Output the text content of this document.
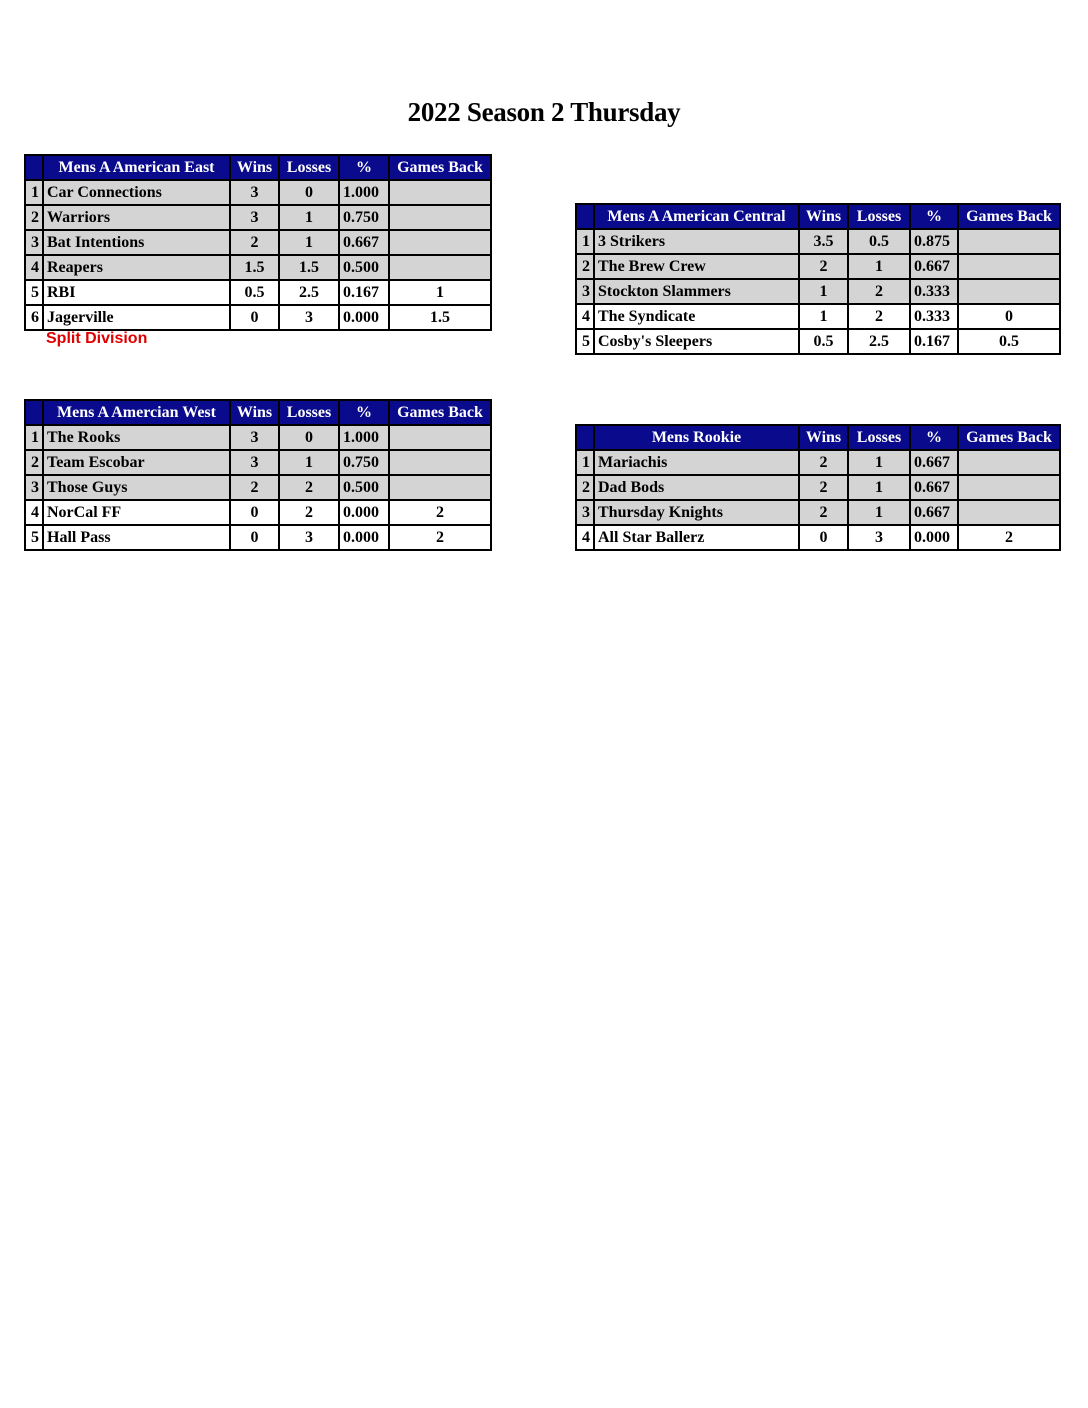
2022 Season 2 Thursday
	Mens A American East	Wins	Losses	%	Games Back
1	Car Connections	3	0	1.000	
2	Warriors	3	1	0.750	
3	Bat Intentions	2	1	0.667	
4	Reapers	1.5	1.5	0.500	
5	RBI	0.5	2.5	0.167	1
6	Jagerville	0	3	0.000	1.5
Split Division
	Mens A American Central	Wins	Losses	%	Games Back
1	3 Strikers	3.5	0.5	0.875	
2	The Brew Crew	2	1	0.667	
3	Stockton Slammers	1	2	0.333	
4	The Syndicate	1	2	0.333	0
5	Cosby's Sleepers	0.5	2.5	0.167	0.5
	Mens A Amercian West	Wins	Losses	%	Games Back
1	The Rooks	3	0	1.000	
2	Team Escobar	3	1	0.750	
3	Those Guys	2	2	0.500	
4	NorCal FF	0	2	0.000	2
5	Hall Pass	0	3	0.000	2
	Mens Rookie	Wins	Losses	%	Games Back
1	Mariachis	2	1	0.667	
2	Dad Bods	2	1	0.667	
3	Thursday Knights	2	1	0.667	
4	All Star Ballerz	0	3	0.000	2
